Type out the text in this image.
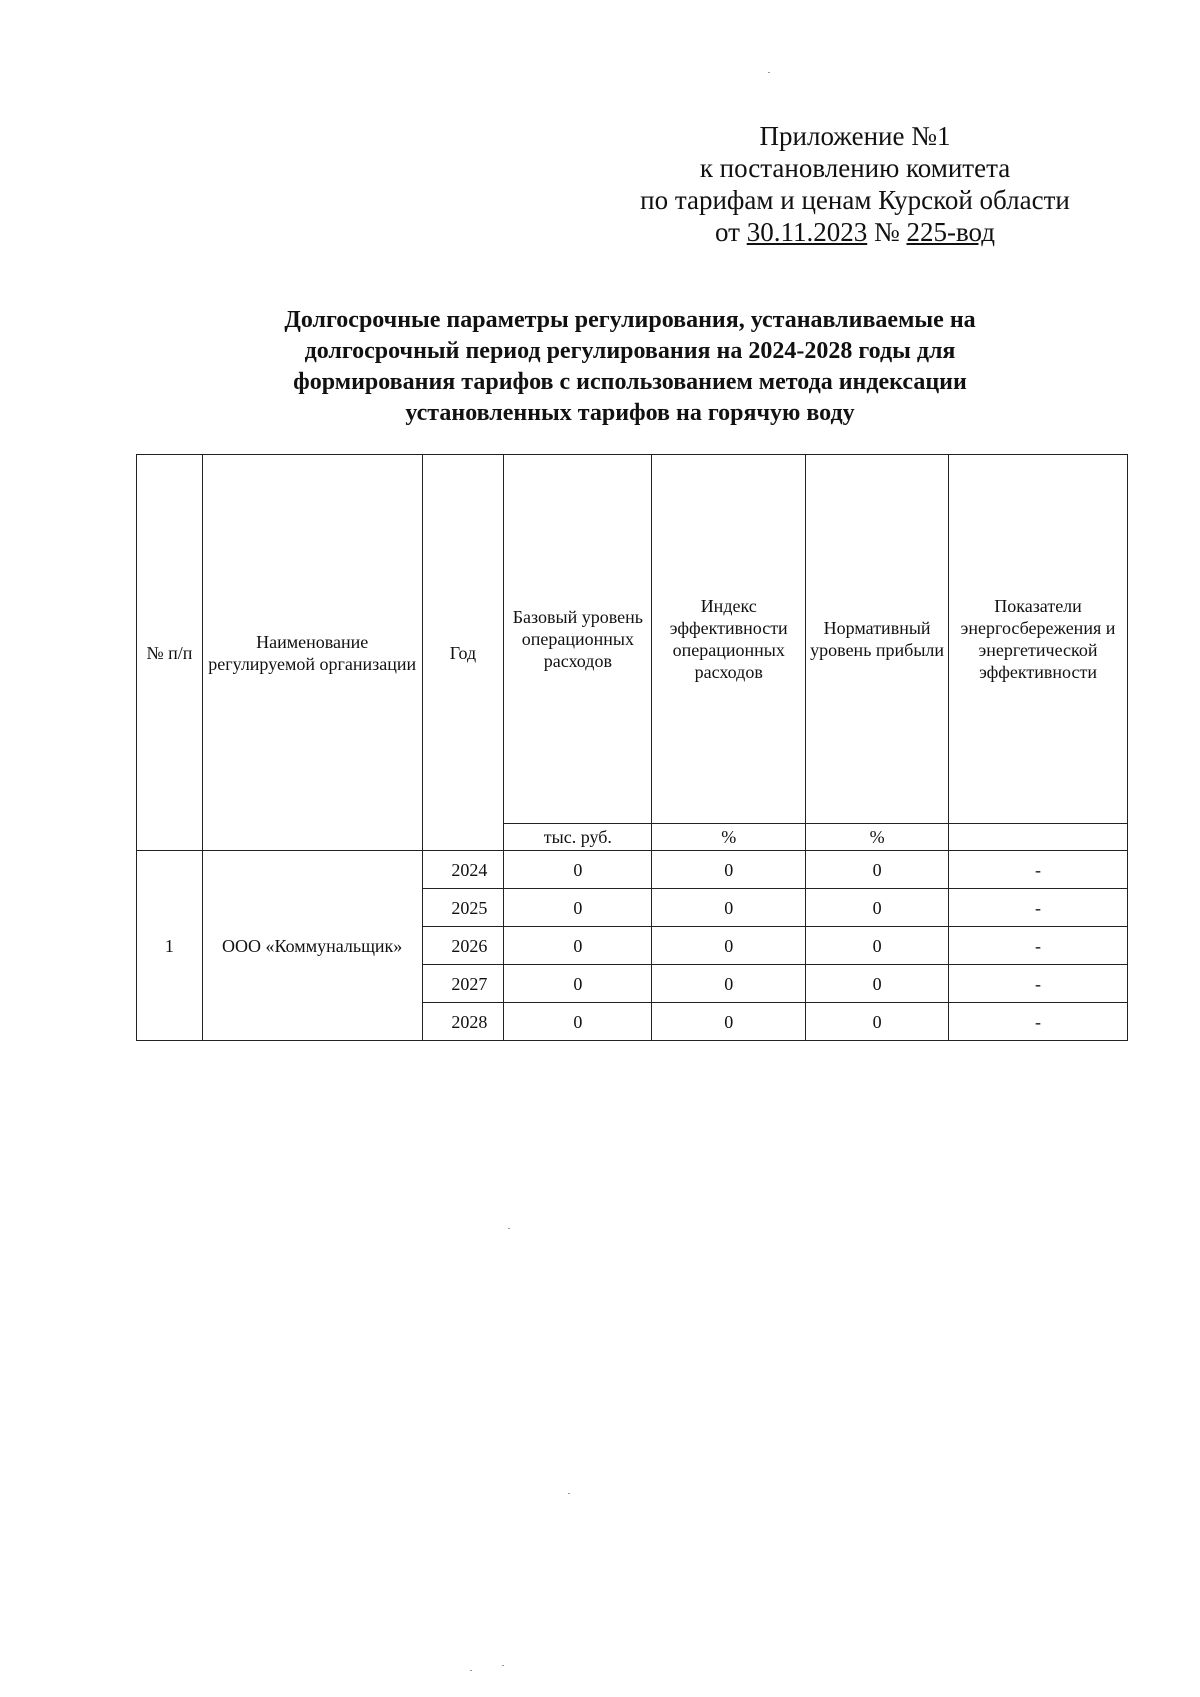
Приложение №1
к постановлению комитета
по тарифам и ценам Курской области
от 30.11.2023 № 225-вод
Долгосрочные параметры регулирования, устанавливаемые на долгосрочный период регулирования на 2024-2028 годы для формирования тарифов с использованием метода индексации установленных тарифов на горячую воду
№ п/п	Наименование регулируемой организации	Год	Базовый уровень операционных расходов	Индекс эффективности операционных расходов	Нормативный уровень прибыли	Показатели энергосбережения и энергетической эффективности
			тыс. руб.	%	%	
1	ООО «Коммунальщик»	2024	0	0	0	-
		2025	0	0	0	-
		2026	0	0	0	-
		2027	0	0	0	-
		2028	0	0	0	-
